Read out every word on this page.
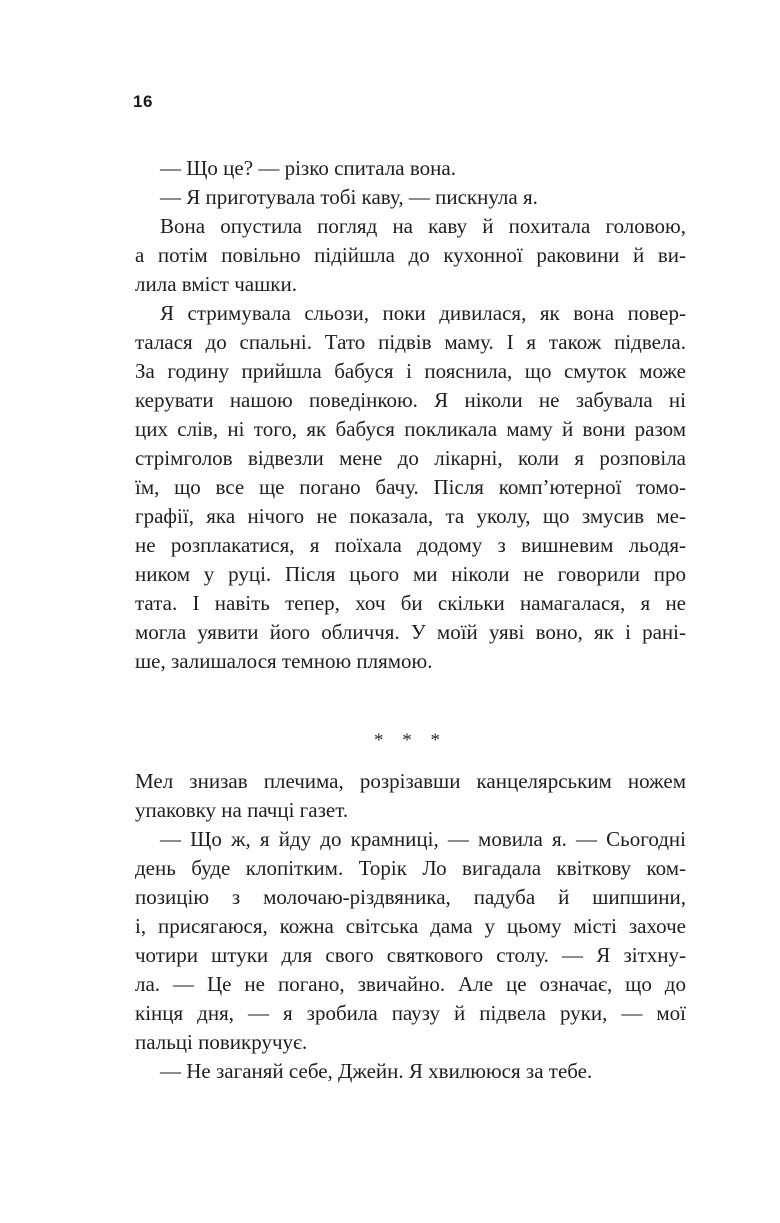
16
— Що це? — різко спитала вона.
— Я приготувала тобі каву, — пискнула я.
Вона опустила погляд на каву й похитала головою,
а потім повільно підійшла до кухонної раковини й ви-
лила вміст чашки.
Я стримувала сльози, поки дивилася, як вона повер-
талася до спальні. Тато підвів маму. І я також підвела.
За годину прийшла бабуся і пояснила, що смуток може
керувати нашою поведінкою. Я ніколи не забувала ні
цих слів, ні того, як бабуся покликала маму й вони разом
стрімголов відвезли мене до лікарні, коли я розповіла
їм, що все ще погано бачу. Після комп’ютерної томо-
графії, яка нічого не показала, та уколу, що змусив ме-
не розплакатися, я поїхала додому з вишневим льодя-
ником у руці. Після цього ми ніколи не говорили про
тата. І навіть тепер, хоч би скільки намагалася, я не
могла уявити його обличчя. У моїй уяві воно, як і рані-
ше, залишалося темною плямою.
* * *
Мел знизав плечима, розрізавши канцелярським ножем
упаковку на пачці газет.
— Що ж, я йду до крамниці, — мовила я. — Сьогодні
день буде клопітким. Торік Ло вигадала квіткову ком-
позицію з молочаю-різдвяника, падуба й шипшини,
і, присягаюся, кожна світська дама у цьому місті захоче
чотири штуки для свого святкового столу. — Я зітхну-
ла. — Це не погано, звичайно. Але це означає, що до
кінця дня, — я зробила паузу й підвела руки, — мої
пальці повикручує.
— Не заганяй себе, Джейн. Я хвилююся за тебе.
